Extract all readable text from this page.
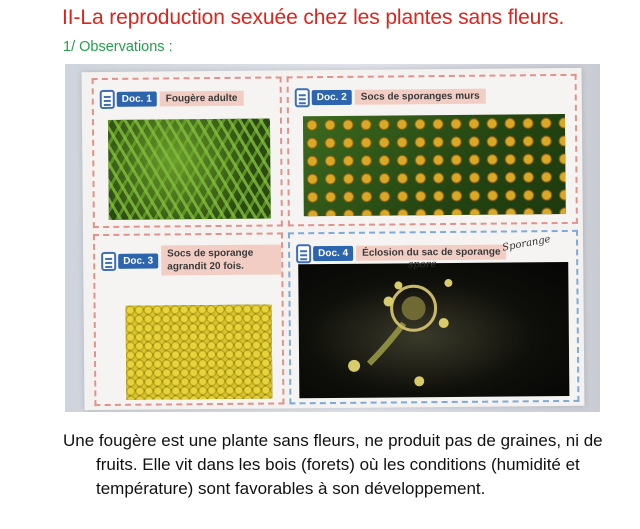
II-La reproduction sexuée chez les plantes sans fleurs.
1/ Observations :
Doc. 1	Fougère adulte	Doc. 2	Socs de sporanges murs
Doc. 3
Socs de sporange agrandit 20 fois.
Doc. 4	Éclosion du sac de sporange
spore
Sporange

Une fougère est une plante sans fleurs, ne produit pas de graines, ni de fruits. Elle vit dans les bois (forets) où les conditions (humidité et température) sont favorables à son développement.
